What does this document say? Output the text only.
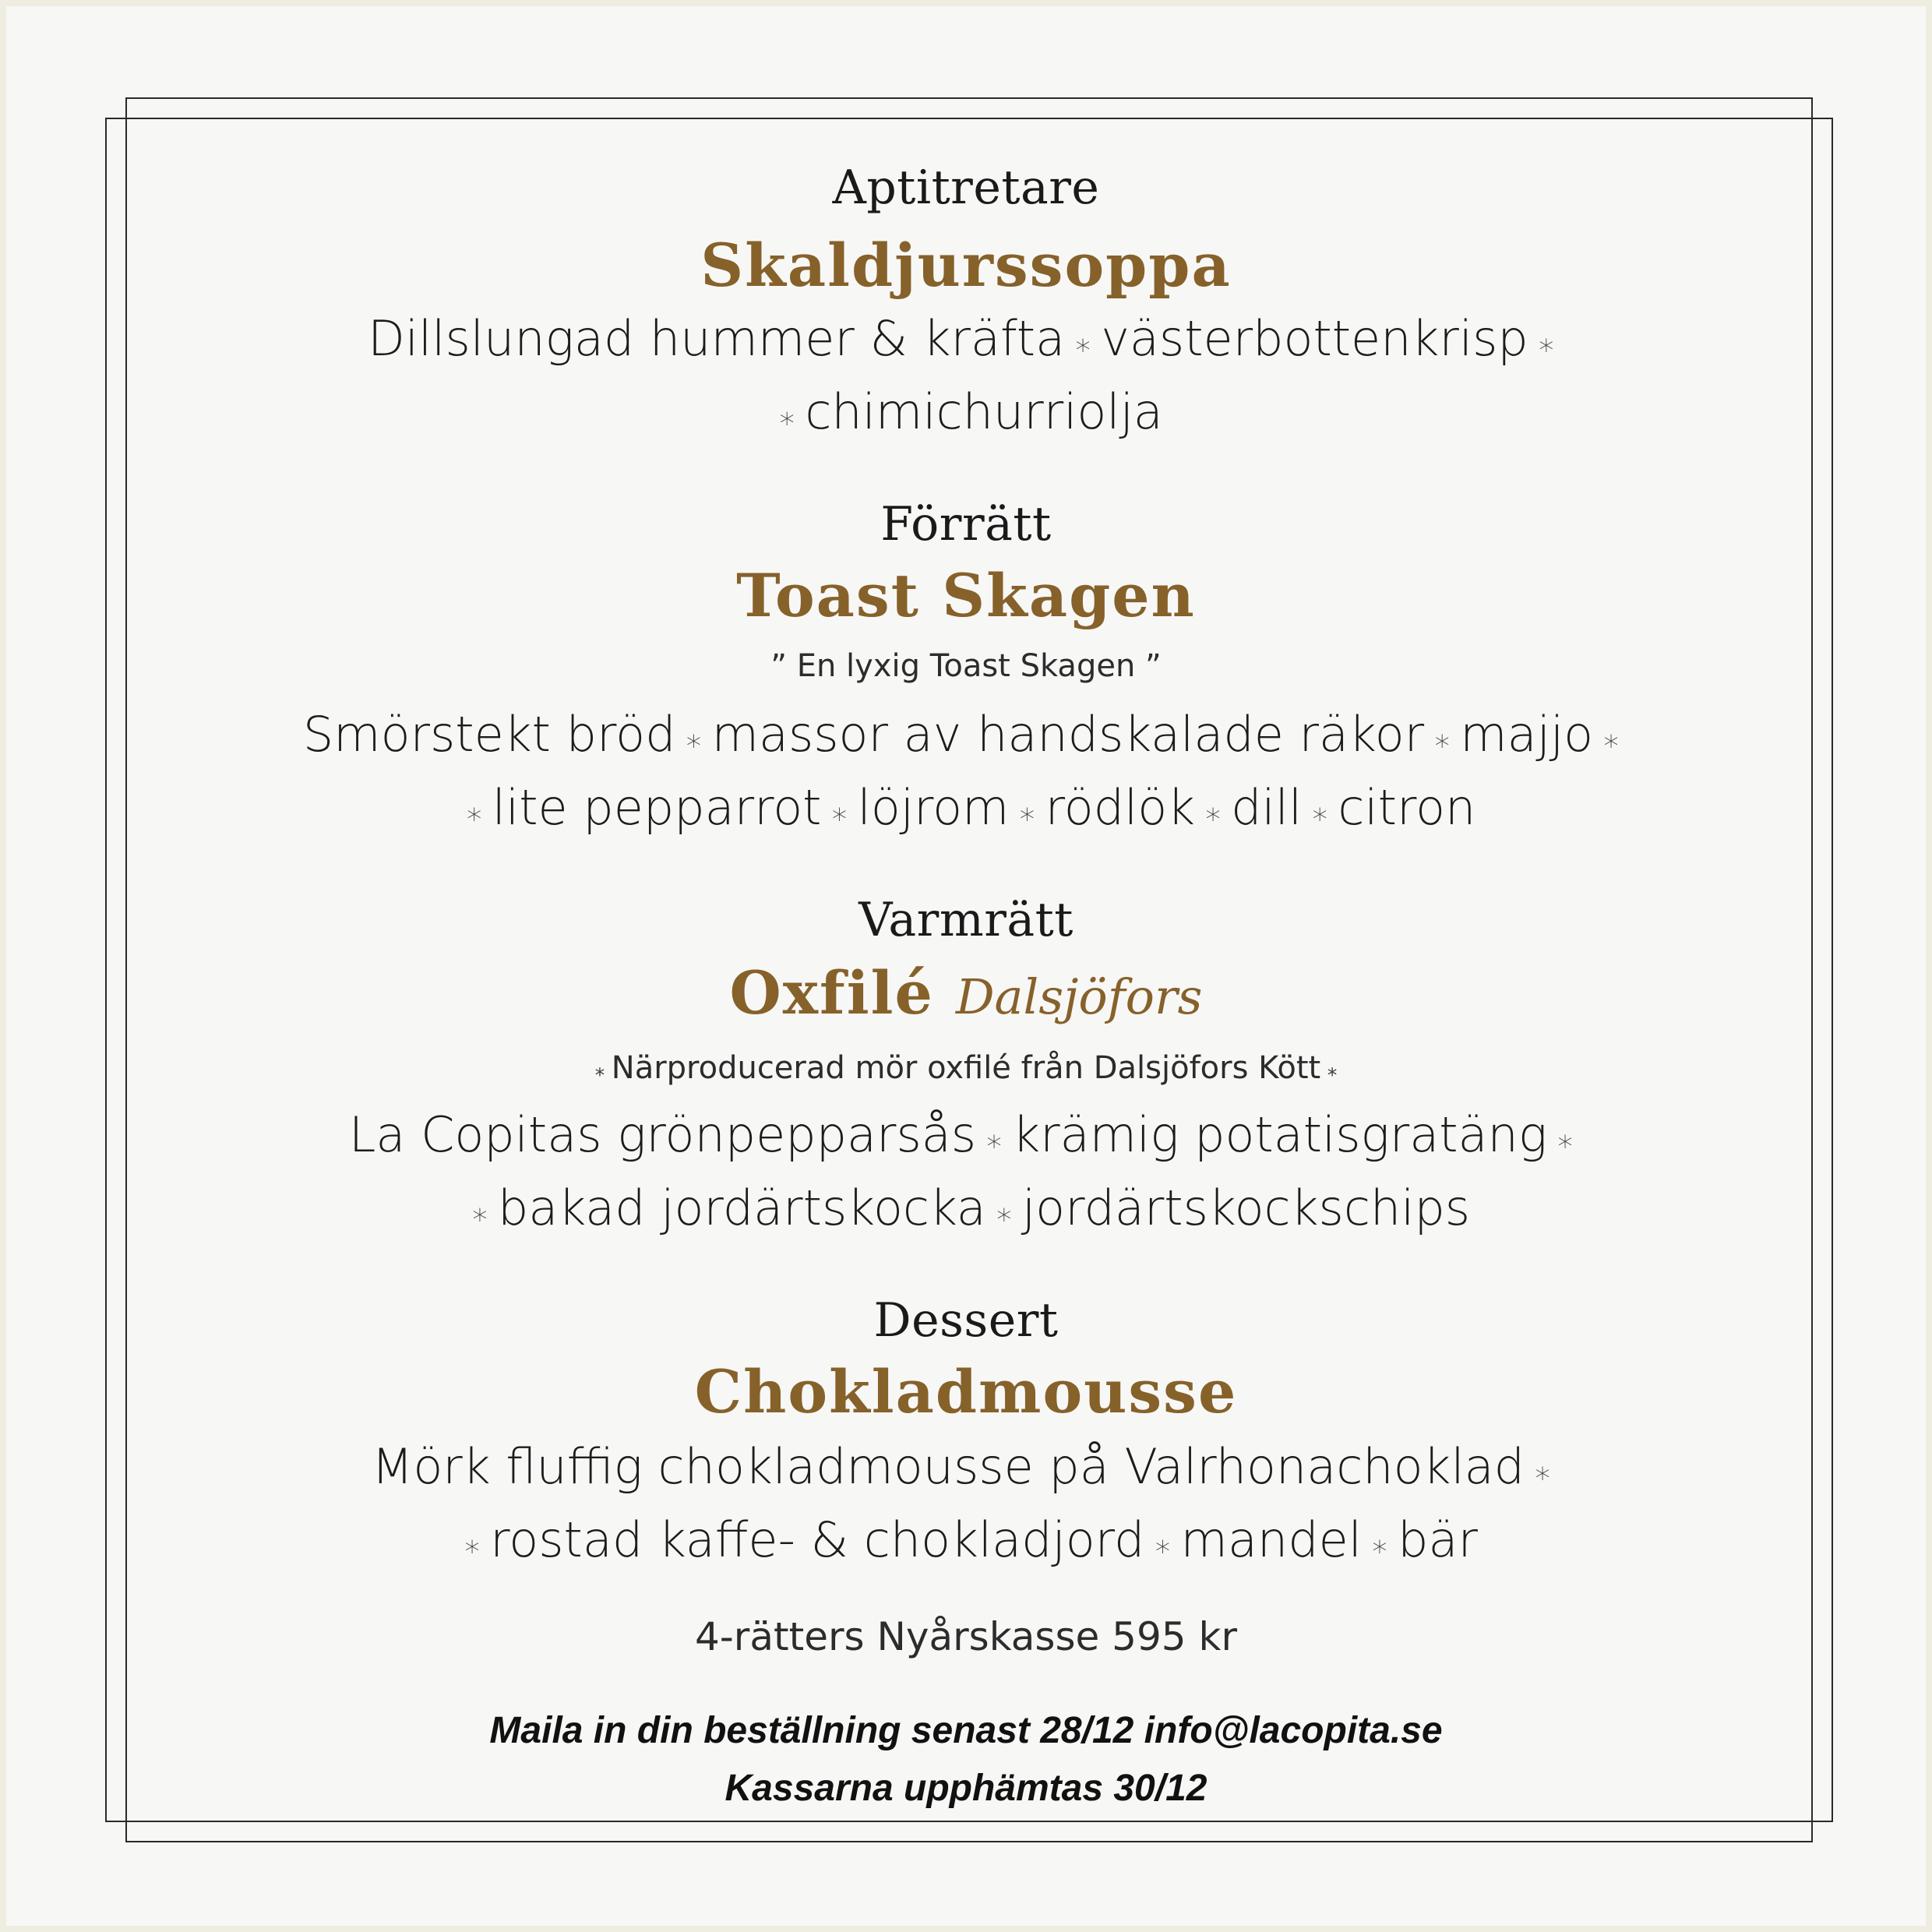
Aptitretare
Skaldjurssoppa
Dillslungad hummer & kräfta ⁎ västerbottenkrisp ⁎
⁎ chimichurriolja
Förrätt
Toast Skagen
” En lyxig Toast Skagen ”
Smörstekt bröd ⁎ massor av handskalade räkor ⁎ majjo ⁎
⁎ lite pepparrot ⁎ löjrom ⁎ rödlök ⁎ dill ⁎ citron
Varmrätt
Oxfilé Dalsjöfors
⁎ Närproducerad mör oxfilé från Dalsjöfors Kött ⁎
La Copitas grönpepparsås ⁎ krämig potatisgratäng ⁎
⁎ bakad jordärtskocka ⁎ jordärtskockschips
Dessert
Chokladmousse
Mörk fluffig chokladmousse på Valrhonachoklad ⁎
⁎ rostad kaffe- & chokladjord ⁎ mandel ⁎ bär
4-rätters Nyårskasse 595 kr
Maila in din beställning senast 28/12 info@lacopita.se
Kassarna upphämtas 30/12
